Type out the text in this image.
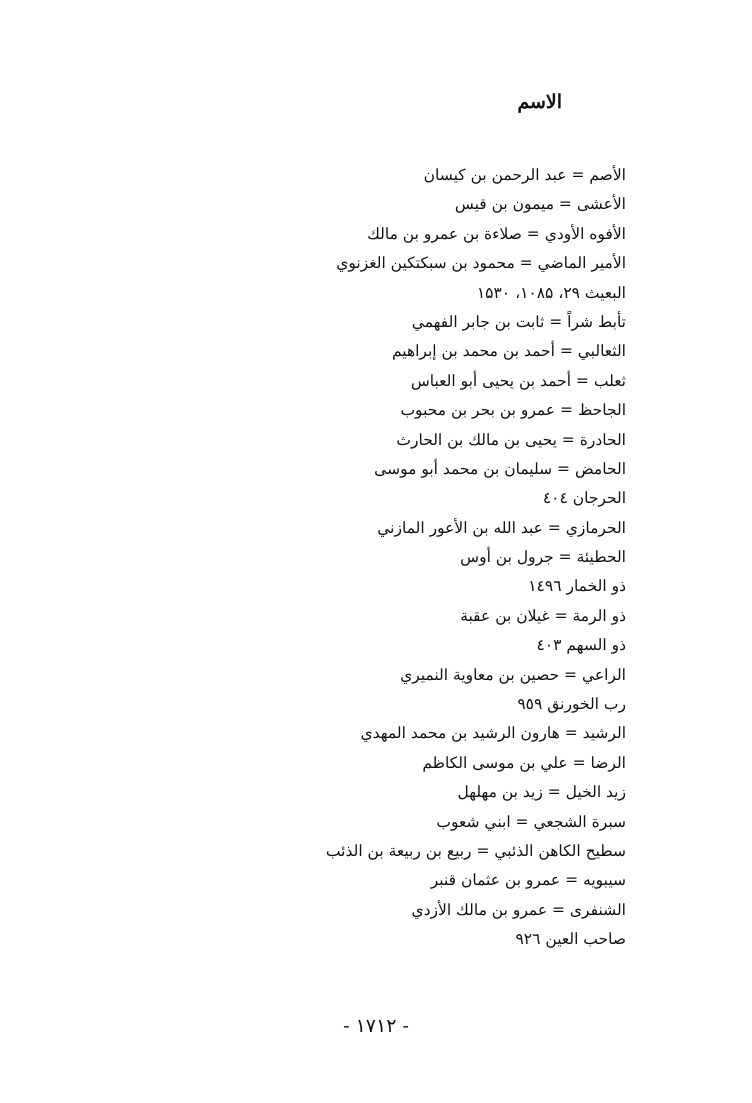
الاسم
الأصم = عبد الرحمن بن كيسان
الأعشى = ميمون بن قيس
الأفوه الأودي = صلاءة بن عمرو بن مالك
الأمير الماضي = محمود بن سبكتكين الغزنوي
البعيث ۲۹، ۱۰۸۵، ۱۵۳۰
تأبط شراً = ثابت بن جابر الفهمي
الثعالبي = أحمد بن محمد بن إبراهيم
ثعلب = أحمد بن يحيى أبو العباس
الجاحظ = عمرو بن بحر بن محبوب
الحادرة = يحيى بن مالك بن الحارث
الحامض = سليمان بن محمد أبو موسى
الحرجان ٤٠٤
الحرمازي = عبد الله بن الأعور المازني
الحطيئة = جرول بن أوس
ذو الخمار ١٤٩٦
ذو الرمة = غيلان بن عقبة
ذو السهم ٤٠٣
الراعي = حصين بن معاوية النميري
رب الخورنق ٩٥٩
الرشيد = هارون الرشيد بن محمد المهدي
الرضا = علي بن موسى الكاظم
زيد الخيل = زيد بن مهلهل
سبرة الشجعي = ابني شعوب
سطيح الكاهن الذئبي = ربيع بن ربيعة بن الذئب
سيبويه = عمرو بن عثمان قنبر
الشنفرى = عمرو بن مالك الأزدي
صاحب العين ٩٢٦
- ١٧١٢ -
